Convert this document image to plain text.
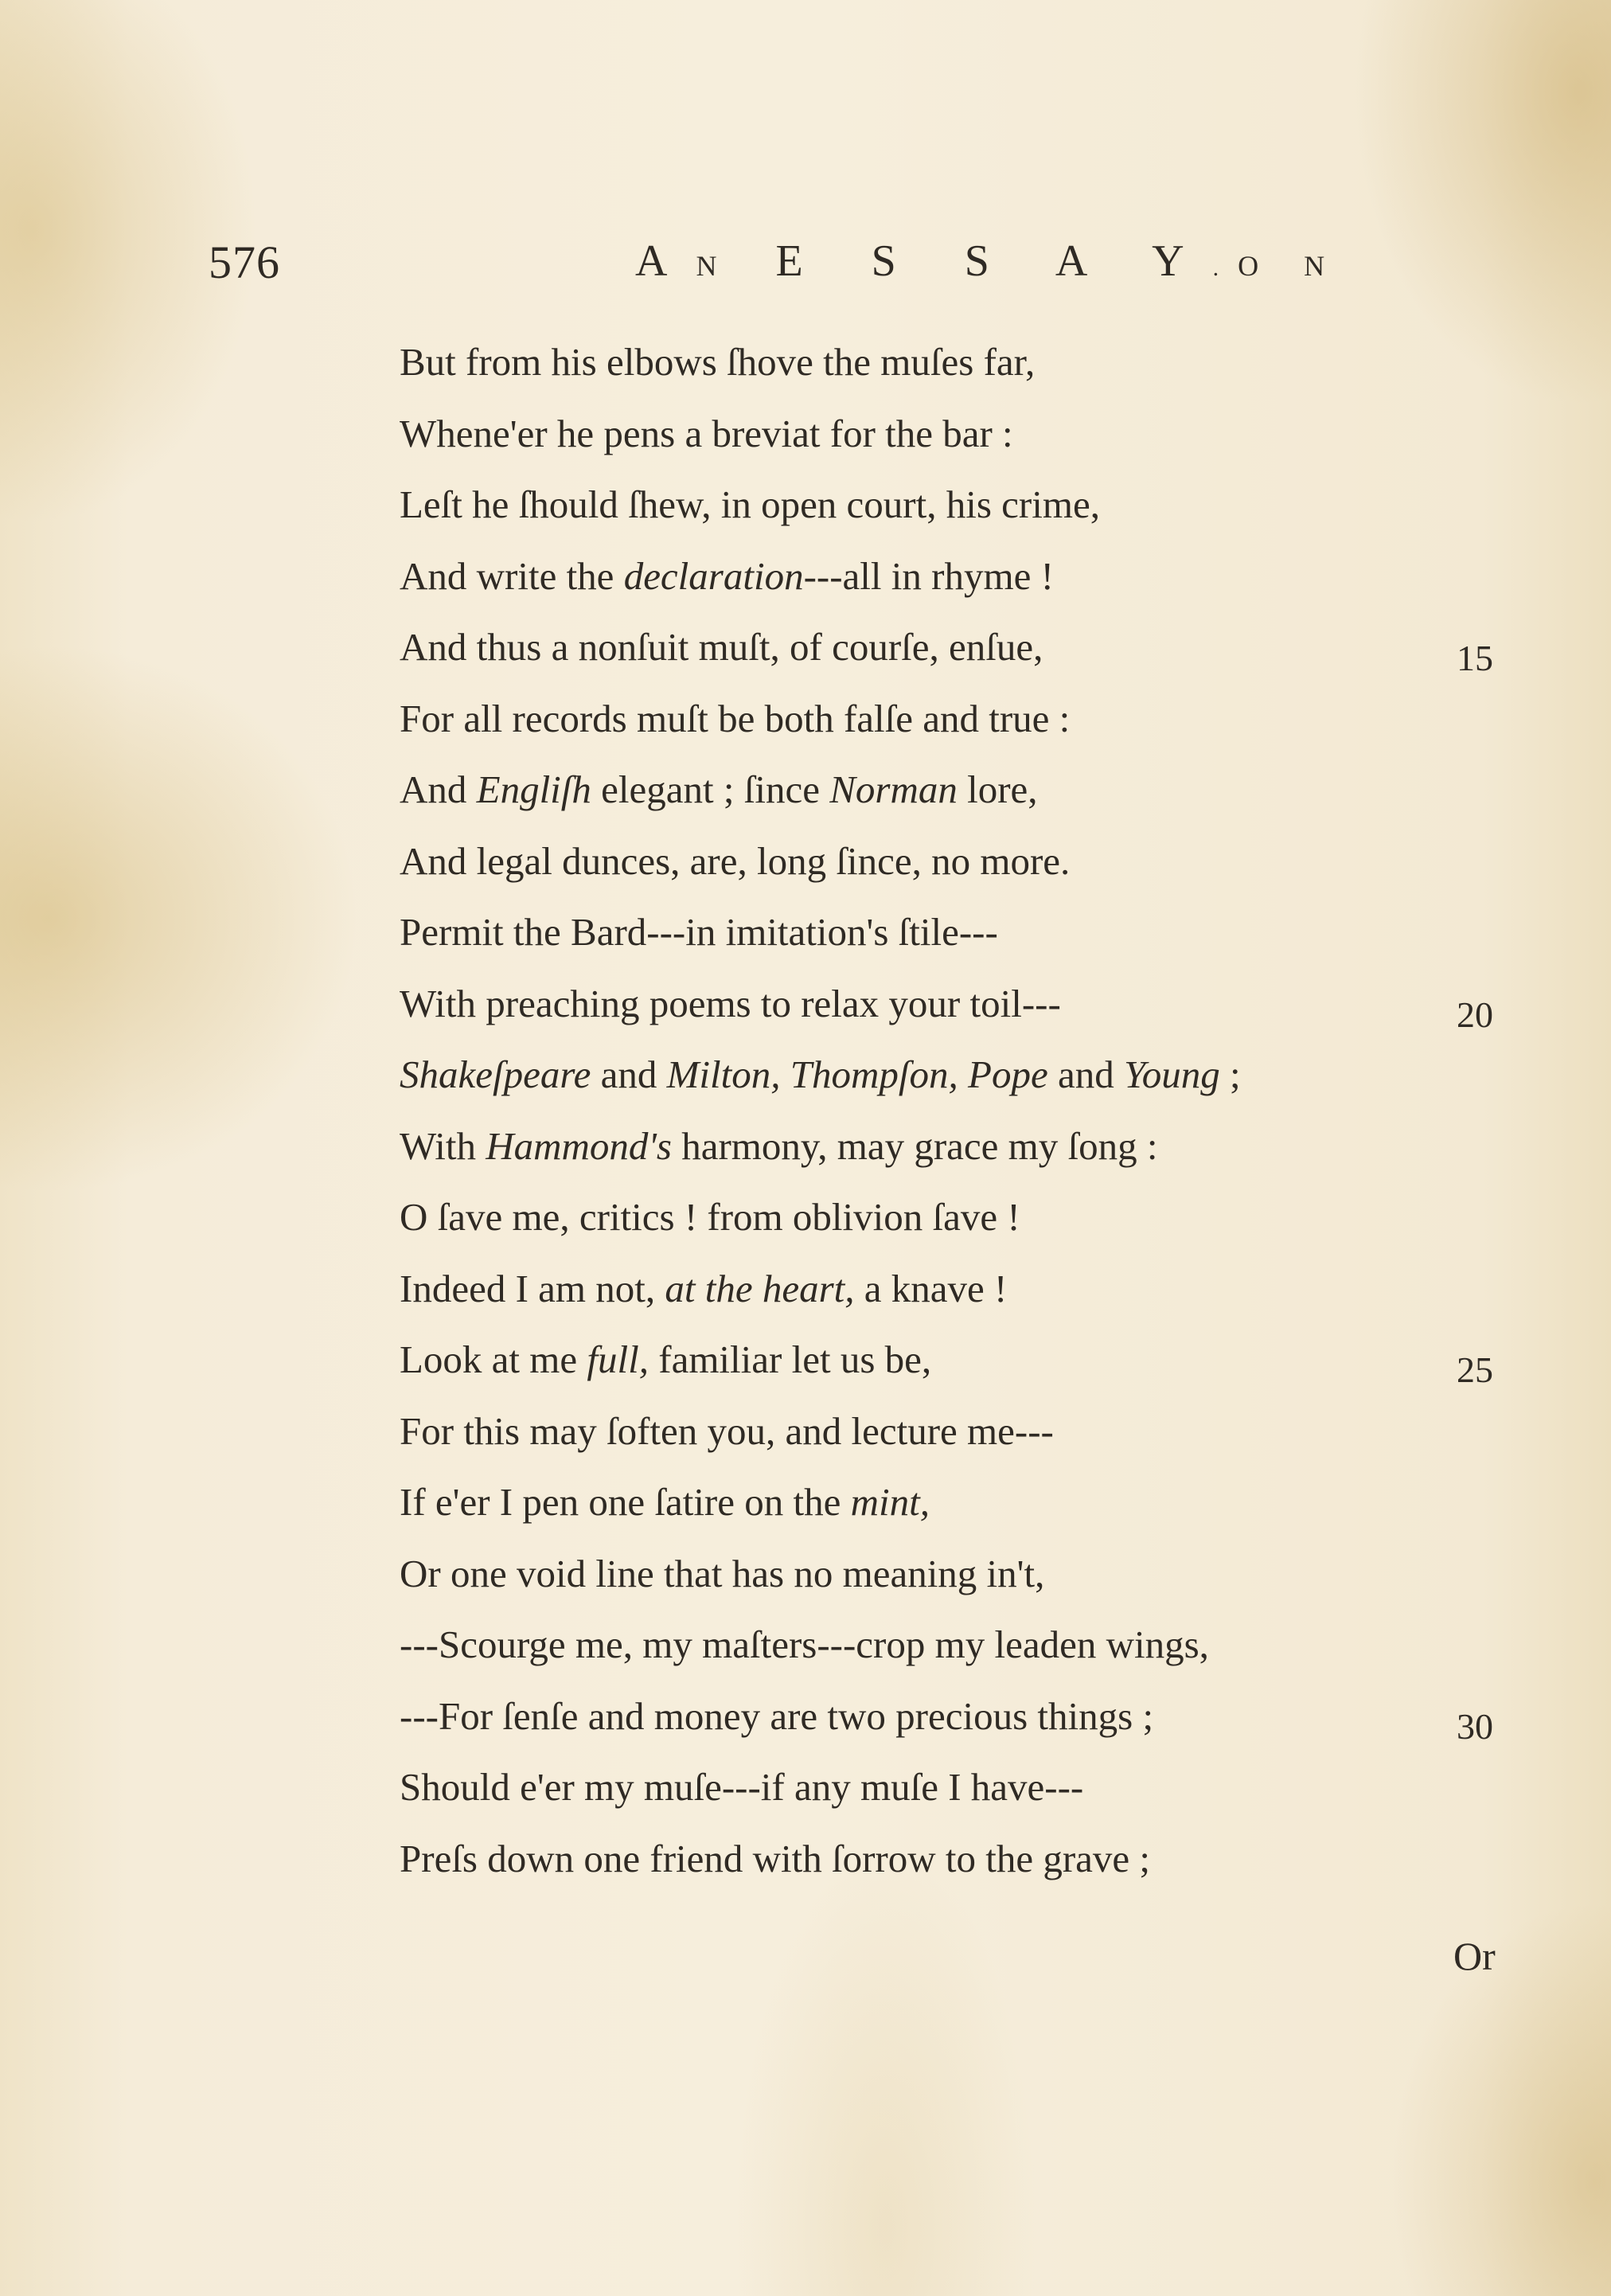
576	AN E S S A Y.O N
But from his elbows ſhove the muſes far,
Whene'er he pens a breviat for the bar :
Leſt he ſhould ſhew, in open court, his crime,
And write the declaration---all in rhyme !
And thus a nonſuit muſt, of courſe, enſue,
For all records muſt be both falſe and true :
And Engliſh elegant ; ſince Norman lore,
And legal dunces, are, long ſince, no more.
Permit the Bard---in imitation's ſtile---
With preaching poems to relax your toil---
Shakeſpeare and Milton, Thompſon, Pope and Young ;
With Hammond's harmony, may grace my ſong :
O ſave me, critics ! from oblivion ſave !
Indeed I am not, at the heart, a knave !
Look at me full, familiar let us be,
For this may ſoften you, and lecture me---
If e'er I pen one ſatire on the mint,
Or one void line that has no meaning in't,
---Scourge me, my maſters---crop my leaden wings,
---For ſenſe and money are two precious things ;
Should e'er my muſe---if any muſe I have---
Preſs down one friend with ſorrow to the grave ;
15
20
25
30
Or
